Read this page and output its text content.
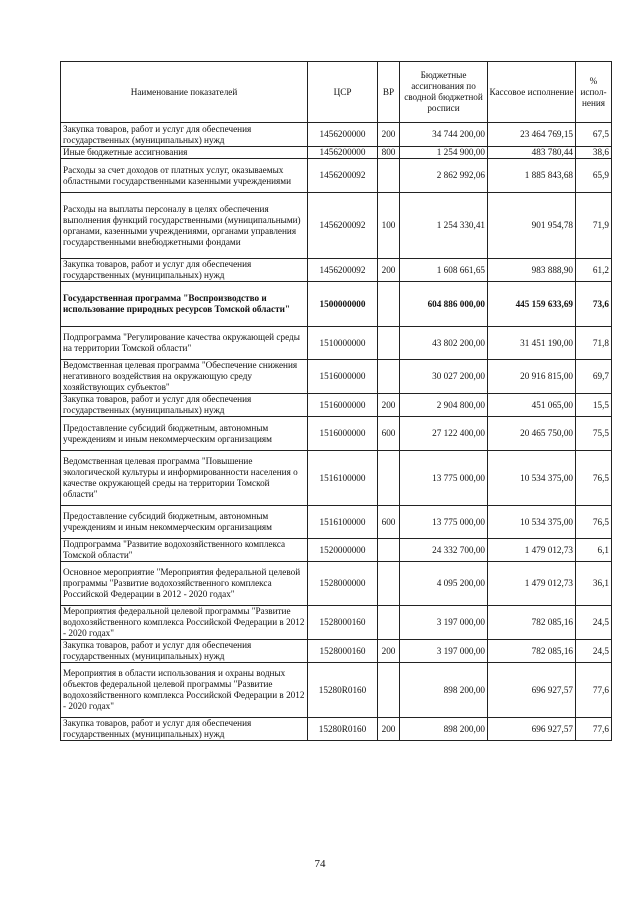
Наименование показателей	ЦСР	ВР	Бюджетные ассигнования по сводной бюджетной росписи	Кассовое исполнение	% испол- нения
Закупка товаров, работ и услуг для обеспечения государственных (муниципальных) нужд	1456200000	200	34 744 200,00	23 464 769,15	67,5
Иные бюджетные ассигнования	1456200000	800	1 254 900,00	483 780,44	38,6
Расходы за счет доходов от платных услуг, оказываемых областными государственными казенными учреждениями	1456200092		2 862 992,06	1 885 843,68	65,9
Расходы на выплаты персоналу в целях обеспечения выполнения функций государственными (муниципальными) органами, казенными учреждениями, органами управления государственными внебюджетными фондами	1456200092	100	1 254 330,41	901 954,78	71,9
Закупка товаров, работ и услуг для обеспечения государственных (муниципальных) нужд	1456200092	200	1 608 661,65	983 888,90	61,2
Государственная программа "Воспроизводство и использование природных ресурсов Томской области"	1500000000		604 886 000,00	445 159 633,69	73,6
Подпрограмма "Регулирование качества окружающей среды на территории Томской области"	1510000000		43 802 200,00	31 451 190,00	71,8
Ведомственная целевая программа "Обеспечение снижения негативного воздействия на окружающую среду хозяйствующих субъектов"	1516000000		30 027 200,00	20 916 815,00	69,7
Закупка товаров, работ и услуг для обеспечения государственных (муниципальных) нужд	1516000000	200	2 904 800,00	451 065,00	15,5
Предоставление субсидий бюджетным, автономным учреждениям и иным некоммерческим организациям	1516000000	600	27 122 400,00	20 465 750,00	75,5
Ведомственная целевая программа "Повышение экологической культуры и информированности населения о качестве окружающей среды на территории Томской области"	1516100000		13 775 000,00	10 534 375,00	76,5
Предоставление субсидий бюджетным, автономным учреждениям и иным некоммерческим организациям	1516100000	600	13 775 000,00	10 534 375,00	76,5
Подпрограмма "Развитие водохозяйственного комплекса Томской области"	1520000000		24 332 700,00	1 479 012,73	6,1
Основное мероприятие "Мероприятия федеральной целевой программы "Развитие водохозяйственного комплекса Российской Федерации в 2012 - 2020 годах"	1528000000		4 095 200,00	1 479 012,73	36,1
Мероприятия федеральной целевой программы "Развитие водохозяйственного комплекса Российской Федерации в 2012 - 2020 годах"	1528000160		3 197 000,00	782 085,16	24,5
Закупка товаров, работ и услуг для обеспечения государственных (муниципальных) нужд	1528000160	200	3 197 000,00	782 085,16	24,5
Мероприятия в области использования и охраны водных объектов федеральной целевой программы "Развитие водохозяйственного комплекса Российской Федерации в 2012 - 2020 годах"	15280R0160		898 200,00	696 927,57	77,6
Закупка товаров, работ и услуг для обеспечения государственных (муниципальных) нужд	15280R0160	200	898 200,00	696 927,57	77,6
74
